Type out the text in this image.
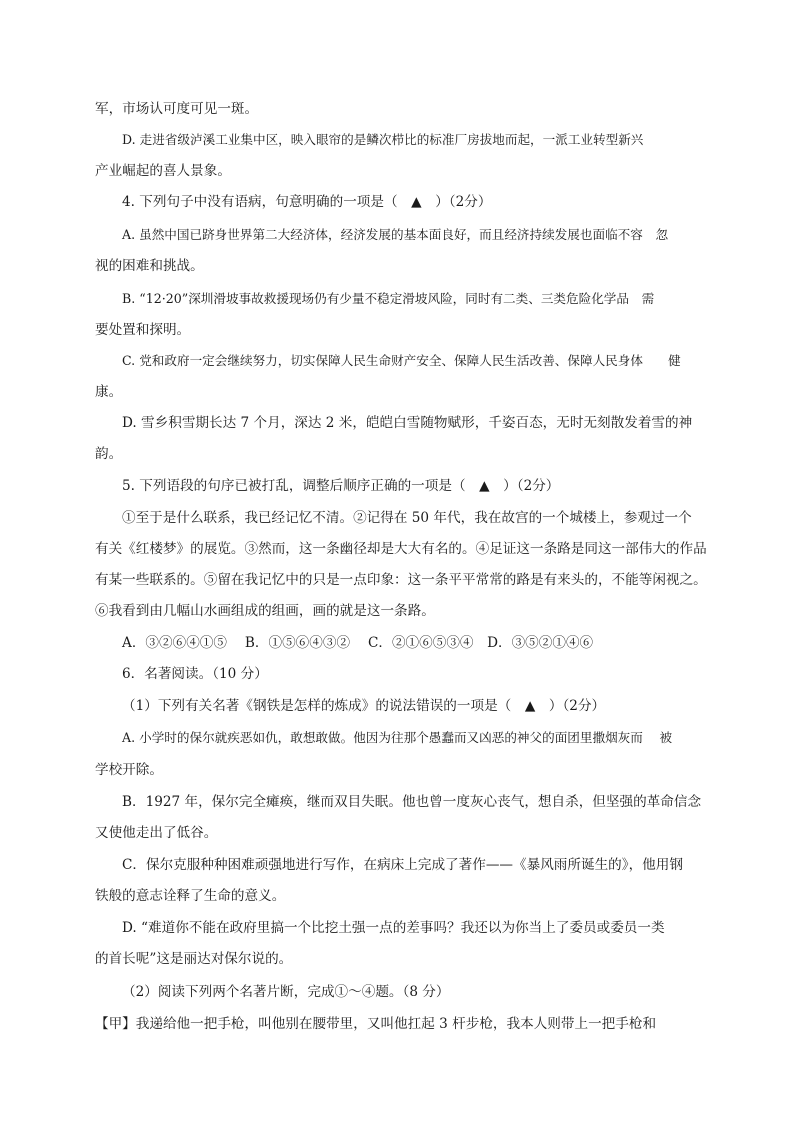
军，市场认可度可见一斑。
D. 走进省级泸溪工业集中区，映入眼帘的是鳞次栉比的标准厂房拔地而起，一派工业转型新兴
产业崛起的喜人景象。
4. 下列句子中没有语病，句意明确的一项是（　▲　）（2分）
A. 虽然中国已跻身世界第二大经济体，经济发展的基本面良好，而且经济持续发展也面临不容　忽
视的困难和挑战。
B. “12·20”深圳滑坡事故救援现场仍有少量不稳定滑坡风险，同时有二类、三类危险化学品　需
要处置和探明。
C. 党和政府一定会继续努力，切实保障人民生命财产安全、保障人民生活改善、保障人民身体　　健
康。
D. 雪乡积雪期长达 7 个月，深达 2 米，皑皑白雪随物赋形，千姿百态，无时无刻散发着雪的神
韵。
5. 下列语段的句序已被打乱，调整后顺序正确的一项是（　▲　）（2分）
①至于是什么联系，我已经记忆不清。②记得在 50 年代，我在故宫的一个城楼上，参观过一个
有关《红楼梦》的展览。③然而，这一条幽径却是大大有名的。④足证这一条路是同这一部伟大的作品
有某一些联系的。⑤留在我记忆中的只是一点印象：这一条平平常常的路是有来头的，不能等闲视之。
⑥我看到由几幅山水画组成的组画，画的就是这一条路。
A．③②⑥④①⑤　 B．①⑤⑥④③②　 C．②①⑥⑤③④　D．③⑤②①④⑥
6．名著阅读。（10 分）
（1）下列有关名著《钢铁是怎样的炼成》的说法错误的一项是（　▲　）（2分）
A. 小学时的保尔就疾恶如仇，敢想敢做。他因为往那个愚蠢而又凶恶的神父的面团里撒烟灰而　 被
学校开除。
B．1927 年，保尔完全瘫痪，继而双目失眠。他也曾一度灰心丧气，想自杀，但坚强的革命信念
又使他走出了低谷。
C．保尔克服种种困难顽强地进行写作，在病床上完成了著作——《暴风雨所诞生的》，他用钢
铁般的意志诠释了生命的意义。
D. “难道你不能在政府里搞一个比挖土强一点的差事吗？我还以为你当上了委员或委员一类
的首长呢”这是丽达对保尔说的。
（2）阅读下列两个名著片断，完成①～④题。（8 分）
【甲】我递给他一把手枪，叫他别在腰带里，又叫他扛起 3 杆步枪，我本人则带上一把手枪和
